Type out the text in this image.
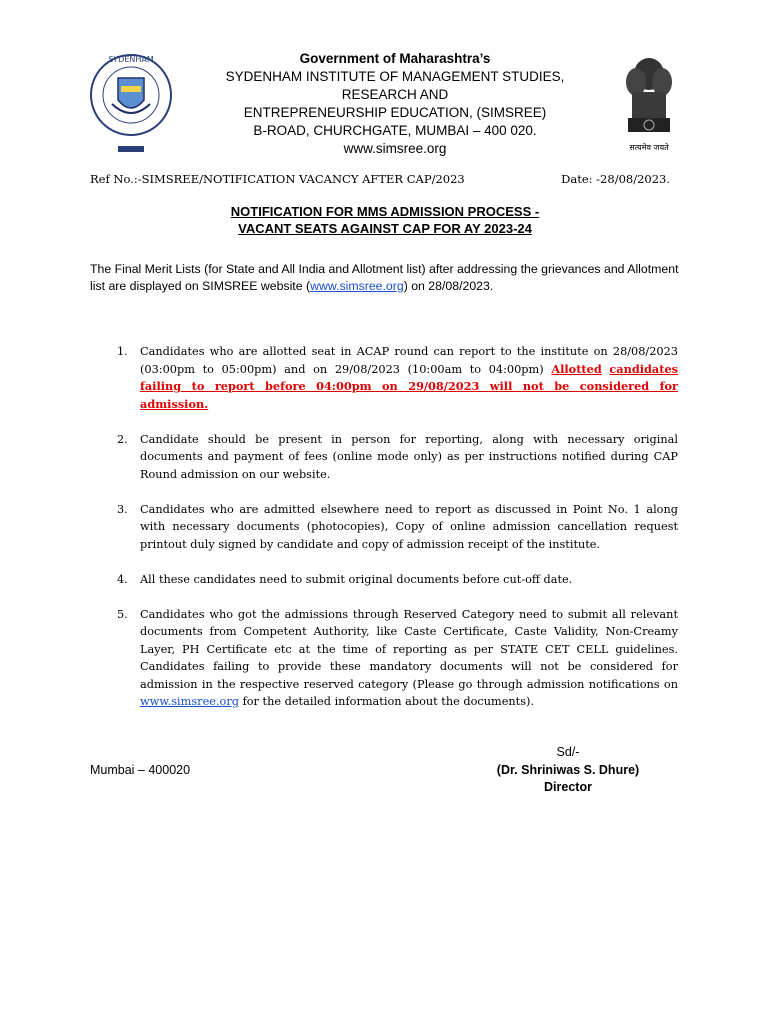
SYDENHAM	Government of Maharashtra’s
SYDENHAM INSTITUTE OF MANAGEMENT STUDIES, RESEARCH AND
ENTREPRENEURSHIP EDUCATION, (SIMSREE)
B-ROAD, CHURCHGATE, MUMBAI – 400 020.
www.simsree.org	सत्यमेव जयते
Ref No.:-SIMSREE/NOTIFICATION VACANCY AFTER CAP/2023	Date: -28/08/2023.
NOTIFICATION FOR MMS ADMISSION PROCESS -
VACANT SEATS AGAINST CAP FOR AY 2023-24
The Final Merit Lists (for State and All India and Allotment list) after addressing the grievances and Allotment list are displayed on SIMSREE website (www.simsree.org) on 28/08/2023.
1. Candidates who are allotted seat in ACAP round can report to the institute on 28/08/2023 (03:00pm to 05:00pm) and on 29/08/2023 (10:00am to 04:00pm) Allotted candidates failing to report before 04:00pm on 29/08/2023 will not be considered for admission.
2. Candidate should be present in person for reporting, along with necessary original documents and payment of fees (online mode only) as per instructions notified during CAP Round admission on our website.
3. Candidates who are admitted elsewhere need to report as discussed in Point No. 1 along with necessary documents (photocopies), Copy of online admission cancellation request printout duly signed by candidate and copy of admission receipt of the institute.
4. All these candidates need to submit original documents before cut-off date.
5. Candidates who got the admissions through Reserved Category need to submit all relevant documents from Competent Authority, like Caste Certificate, Caste Validity, Non-Creamy Layer, PH Certificate etc at the time of reporting as per STATE CET CELL guidelines. Candidates failing to provide these mandatory documents will not be considered for admission in the respective reserved category (Please go through admission notifications on www.simsree.org for the detailed information about the documents).
Mumbai – 400020
Sd/-
(Dr. Shriniwas S. Dhure)
Director
